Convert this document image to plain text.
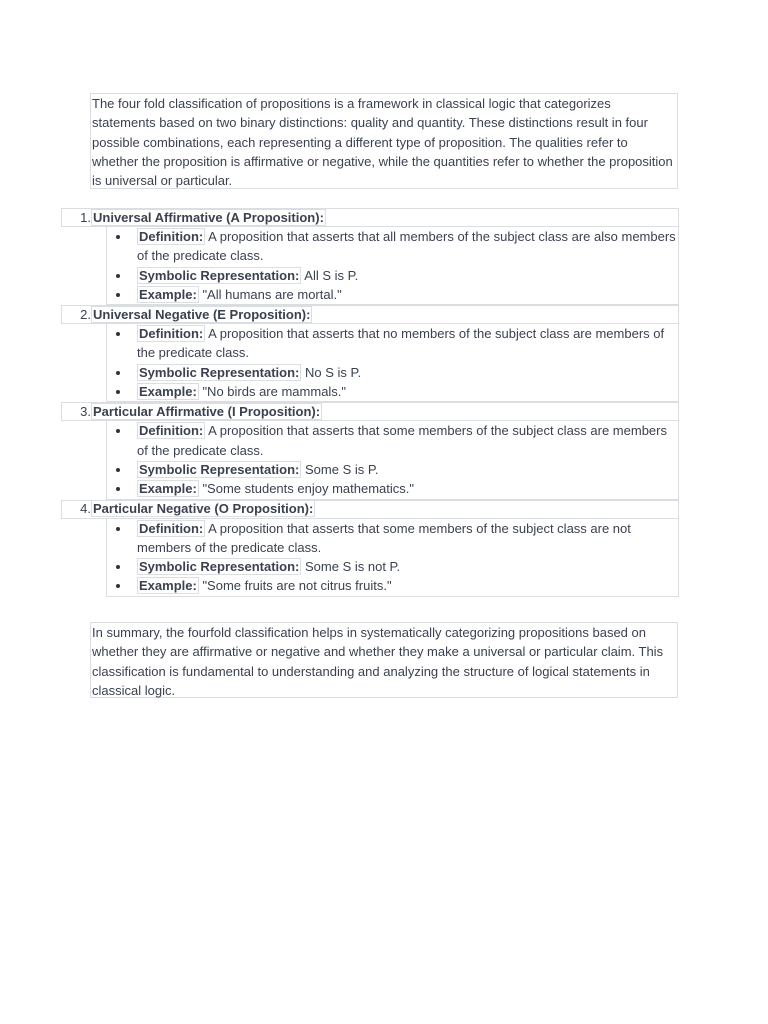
The four fold classification of propositions is a framework in classical logic that categorizes statements based on two binary distinctions: quality and quantity. These distinctions result in four possible combinations, each representing a different type of proposition. The qualities refer to whether the proposition is affirmative or negative, while the quantities refer to whether the proposition is universal or particular.
1. Universal Affirmative (A Proposition):
Definition: A proposition that asserts that all members of the subject class are also members of the predicate class.
Symbolic Representation: All S is P.
Example: "All humans are mortal."
2. Universal Negative (E Proposition):
Definition: A proposition that asserts that no members of the subject class are members of the predicate class.
Symbolic Representation: No S is P.
Example: "No birds are mammals."
3. Particular Affirmative (I Proposition):
Definition: A proposition that asserts that some members of the subject class are members of the predicate class.
Symbolic Representation: Some S is P.
Example: "Some students enjoy mathematics."
4. Particular Negative (O Proposition):
Definition: A proposition that asserts that some members of the subject class are not members of the predicate class.
Symbolic Representation: Some S is not P.
Example: "Some fruits are not citrus fruits."
In summary, the fourfold classification helps in systematically categorizing propositions based on whether they are affirmative or negative and whether they make a universal or particular claim. This classification is fundamental to understanding and analyzing the structure of logical statements in classical logic.
